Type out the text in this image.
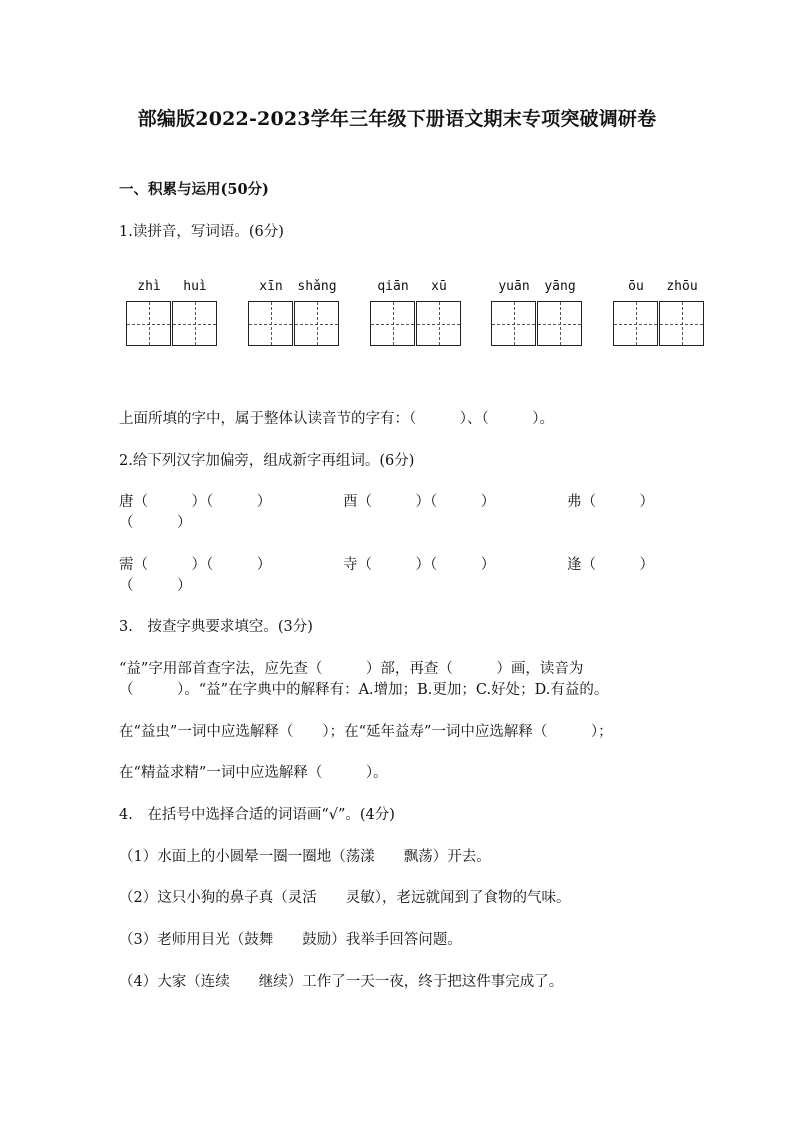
部编版2022-2023学年三年级下册语文期末专项突破调研卷
一、积累与运用(50分)
1.读拼音，写词语。(6分)
zhì	huì	xīn	shǎng	qiān	xū	yuān	yāng	ōu	zhōu
上面所填的字中，属于整体认读音节的字有：（　　　）、（　　　）。
2.给下列汉字加偏旁，组成新字再组词。(6分)
唐（　　　）（　　　）	酉（　　　）（　　　）	弗（　　　）
（　　　）
需（　　　）（　　　）	寺（　　　）（　　　）	逢（　　　）
（　　　）
3.　按查字典要求填空。(3分)
“益”字用部首查字法，应先查（　　　）部，再查（　　　）画，读音为
（　　　）。“益”在字典中的解释有：A.增加；B.更加；C.好处；D.有益的。
在“益虫”一词中应选解释（　　）；在“延年益寿”一词中应选解释（　　　）；
在“精益求精”一词中应选解释（　　　）。
4.　在括号中选择合适的词语画“√”。(4分)
（1）水面上的小圆晕一圈一圈地（荡漾　　飘荡）开去。
（2）这只小狗的鼻子真（灵活　　灵敏），老远就闻到了食物的气味。
（3）老师用目光（鼓舞　　鼓励）我举手回答问题。
（4）大家（连续　　继续）工作了一天一夜，终于把这件事完成了。
